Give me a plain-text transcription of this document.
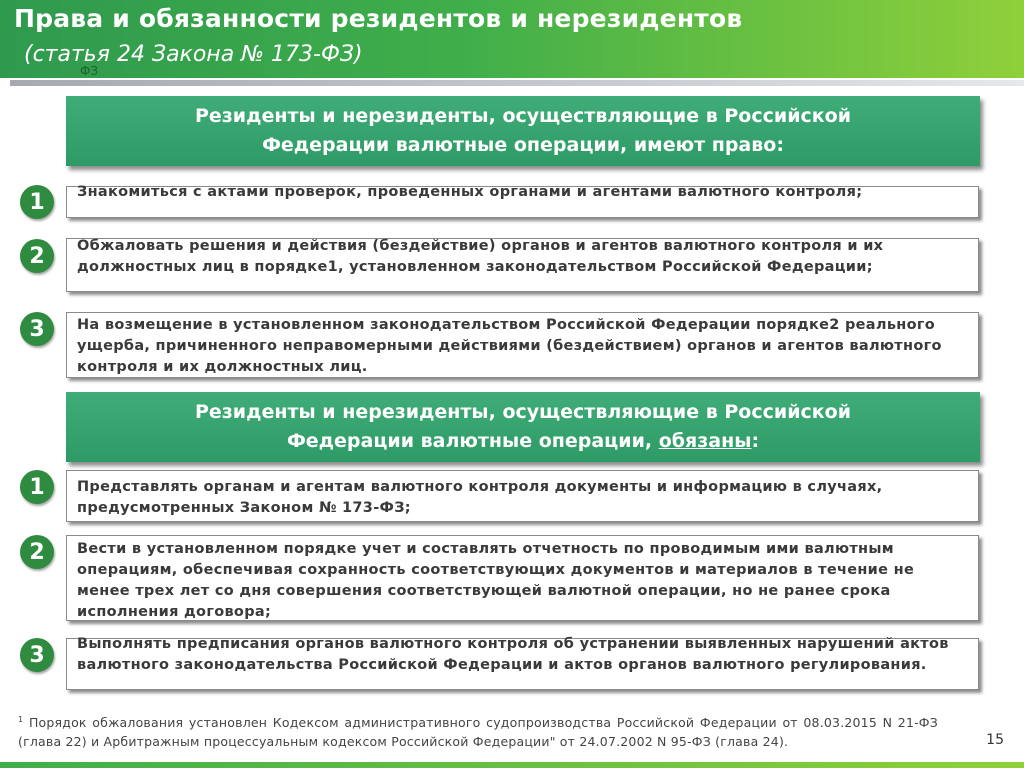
Права и обязанности резидентов и нерезидентов
ФЗ
(статья 24 Закона № 173-ФЗ)
Резиденты и нерезиденты, осуществляющие в Российской
Федерации валютные операции, имеют право:
1	Знакомиться с актами проверок, проведенных органами и агентами валютного контроля;

2	Обжаловать решения и действия (бездействие) органов и агентов валютного контроля и их должностных лиц в порядке1, установленном законодательством Российской Федерации;

3	На возмещение в установленном законодательством Российской Федерации порядке2 реального ущерба, причиненного неправомерными действиями (бездействием) органов и агентов валютного контроля и их должностных лиц.

Резиденты и нерезиденты, осуществляющие в Российской
Федерации валютные операции, обязаны:
1	Представлять органам и агентам валютного контроля документы и информацию в случаях, предусмотренных Законом № 173-ФЗ;

2	Вести в установленном порядке учет и составлять отчетность по проводимым ими валютным операциям, обеспечивая сохранность соответствующих документов и материалов в течение не менее трех лет со дня совершения соответствующей валютной операции, но не ранее срока исполнения договора;

3	Выполнять предписания органов валютного контроля об устранении выявленных нарушений актов валютного законодательства Российской Федерации и актов органов валютного регулирования.

$^1$ Порядок обжалования установлен Кодексом административного судопроизводства Российской Федерации от 08.03.2015 N 21-ФЗ (глава 22) и Арбитражным процессуальным кодексом Российской Федерации" от 24.07.2002 N 95-ФЗ (глава 24).	15
